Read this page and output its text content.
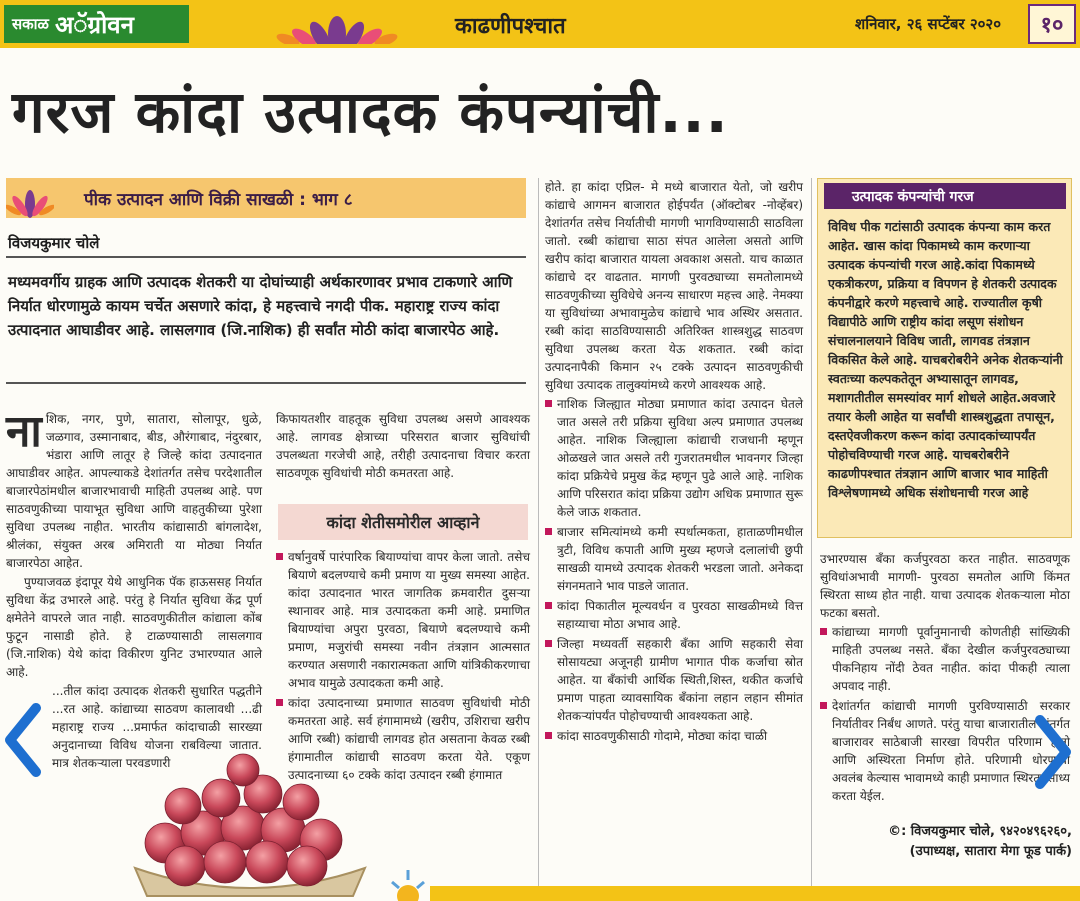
सकाळ अॅग्रोवन	काढणीपश्चात	शनिवार, २६ सप्टेंबर २०२०	१०
गरज कांदा उत्पादक कंपन्यांची...
पीक उत्पादन आणि विक्री साखळी : भाग ८
विजयकुमार चोले
मध्यमवर्गीय ग्राहक आणि उत्पादक शेतकरी या दोघांच्याही अर्थकारणावर प्रभाव टाकणारे आणि निर्यात धोरणामुळे कायम चर्चेत असणारे कांदा, हे महत्त्वाचे नगदी पीक. महाराष्ट्र राज्य कांदा उत्पादनात आघाडीवर आहे. लासलगाव (जि.नाशिक) ही सर्वांत मोठी कांदा बाजारपेठ आहे.

नाशिक, नगर, पुणे, सातारा, सोलापूर, धुळे, जळगाव, उस्मानाबाद, बीड, औरंगाबाद, नंदुरबार, भंडारा आणि लातूर हे जिल्हे कांदा उत्पादनात आघाडीवर आहेत. आपल्याकडे देशांतर्गत तसेच परदेशातील बाजारपेठांमधील बाजारभावाची माहिती उपलब्ध आहे. पण साठवणुकीच्या पायाभूत सुविधा आणि वाहतुकीच्या पुरेशा सुविधा उपलब्ध नाहीत. भारतीय कांद्यासाठी बांगलादेश, श्रीलंका, संयुक्त अरब अमिराती या मोठ्या निर्यात बाजारपेठा आहेत.

पुण्याजवळ इंदापूर येथे आधुनिक पॅक हाऊससह निर्यात सुविधा केंद्र उभारले आहे. परंतु हे निर्यात सुविधा केंद्र पूर्ण क्षमेतेने वापरले जात नाही. साठवणुकीतील कांद्याला कोंब फुटून नासाडी होते. हे टाळण्यासाठी लासलगाव (जि.नाशिक) येथे कांदा विकीरण युनिट उभारण्यात आले आहे.

...तील कांदा उत्पादक शेतकरी सुधारित पद्धतीने ...रत आहे. कांद्याच्या साठवण कालावधी ...ढी महाराष्ट्र राज्य ...प्रमार्फत कांदाचाळी सारख्या अनुदानाच्या विविध योजना राबविल्या जातात. मात्र शेतकऱ्याला परवडणारी

किफायतशीर वाहतूक सुविधा उपलब्ध असणे आवश्यक आहे. लागवड क्षेत्राच्या परिसरात बाजार सुविधांची उपलब्धता गरजेची आहे, तरीही उत्पादनाचा विचार करता साठवणूक सुविधांची मोठी कमतरता आहे.

कांदा शेतीसमोरील आव्हाने
वर्षानुवर्षे पारंपारिक बियाण्यांचा वापर केला जातो. तसेच बियाणे बदलण्याचे कमी प्रमाण या मुख्य समस्या आहेत. कांदा उत्पादनात भारत जागतिक क्रमवारीत दुसऱ्या स्थानावर आहे. मात्र उत्पादकता कमी आहे. प्रमाणित बियाण्यांचा अपुरा पुरवठा, बियाणे बदलण्याचे कमी प्रमाण, मजुरांची समस्या नवीन तंत्रज्ञान आत्मसात करण्यात असणारी नकारात्मकता आणि यांत्रिकीकरणाचा अभाव यामुळे उत्पादकता कमी आहे.
कांदा उत्पादनाच्या प्रमाणात साठवण सुविधांची मोठी कमतरता आहे. सर्व हंगामामध्ये (खरीप, उशिराचा खरीप आणि रब्बी) कांद्याची लागवड होत असताना केवळ रब्बी हंगामातील कांद्याची साठवण करता येते. एकूण उत्पादनाच्या ६० टक्के कांदा उत्पादन रब्बी हंगामात

होते. हा कांदा एप्रिल- मे मध्ये बाजारात येतो, जो खरीप कांद्याचे आगमन बाजारात होईपर्यंत (ऑक्टोबर -नोव्हेंबर) देशांतर्गत तसेच निर्यातीची मागणी भागविण्यासाठी साठविला जातो. रब्बी कांद्याचा साठा संपत आलेला असतो आणि खरीप कांदा बाजारात यायला अवकाश असतो. याच काळात कांद्याचे दर वाढतात. मागणी पुरवठ्याच्या समतोलामध्ये साठवणुकीच्या सुविधेचे अनन्य साधारण महत्त्व आहे. नेमक्या या सुविधांच्या अभावामुळेच कांद्याचे भाव अस्थिर असतात. रब्बी कांदा साठविण्यासाठी अतिरिक्त शास्त्रशुद्ध साठवण सुविधा उपलब्ध करता येऊ शकतात. रब्बी कांदा उत्पादनापैकी किमान २५ टक्के उत्पादन साठवणुकीची सुविधा उत्पादक तालुक्यांमध्ये करणे आवश्यक आहे.

नाशिक जिल्ह्यात मोठ्या प्रमाणात कांदा उत्पादन घेतले जात असले तरी प्रक्रिया सुविधा अल्प प्रमाणात उपलब्ध आहेत. नाशिक जिल्ह्याला कांद्याची राजधानी म्हणून ओळखले जात असले तरी गुजरातमधील भावनगर जिल्हा कांदा प्रक्रियेचे प्रमुख केंद्र म्हणून पुढे आले आहे. नाशिक आणि परिसरात कांदा प्रक्रिया उद्योग अधिक प्रमाणात सुरू केले जाऊ शकतात.
बाजार समित्यांमध्ये कमी स्पर्धात्मकता, हाताळणीमधील त्रुटी, विविध कपाती आणि मुख्य म्हणजे दलालांची छुपी साखळी यामध्ये उत्पादक शेतकरी भरडला जातो. अनेकदा संगनमताने भाव पाडले जातात.
कांदा पिकातील मूल्यवर्धन व पुरवठा साखळीमध्ये वित्त सहाय्याचा मोठा अभाव आहे.
जिल्हा मध्यवर्ती सहकारी बँका आणि सहकारी सेवा सोसायट्या अजूनही ग्रामीण भागात पीक कर्जाचा स्रोत आहेत. या बँकांची आर्थिक स्थिती,शिस्त, थकीत कर्जाचे प्रमाण पाहता व्यावसायिक बँकांना लहान लहान सीमांत शेतकऱ्यांपर्यंत पोहोचण्याची आवश्यकता आहे.
कांदा साठवणुकीसाठी गोदामे, मोठ्या कांदा चाळी
उत्पादक कंपन्यांची गरज
विविध पीक गटांसाठी उत्पादक कंपन्या काम करत आहेत. खास कांदा पिकामध्ये काम करणाऱ्या उत्पादक कंपन्यांची गरज आहे.कांदा पिकामध्ये एकत्रीकरण, प्रक्रिया व विपणन हे शेतकरी उत्पादक कंपनीद्वारे करणे महत्त्वाचे आहे. राज्यातील कृषी विद्यापीठे आणि राष्ट्रीय कांदा लसूण संशोधन संचालनालयाने विविध जाती, लागवड तंत्रज्ञान विकसित केले आहे. याचबरोबरीने अनेक शेतकऱ्यांनी स्वतःच्या कल्पकतेतून अभ्यासातून लागवड, मशागतीतील समस्यांवर मार्ग शोधले आहेत.अवजारे तयार केली आहेत या सर्वांची शास्त्रशुद्धता तपासून, दस्तऐवजीकरण करून कांदा उत्पादकांच्यापर्यंत पोहोचविण्याची गरज आहे. याचबरोबरीने काढणीपश्चात तंत्रज्ञान आणि बाजार भाव माहिती विश्लेषणामध्ये अधिक संशोधनाची गरज आहे

उभारण्यास बँका कर्जपुरवठा करत नाहीत. साठवणूक सुविधांअभावी मागणी- पुरवठा समतोल आणि किंमत स्थिरता साध्य होत नाही. याचा उत्पादक शेतकऱ्याला मोठा फटका बसतो.

कांद्याच्या मागणी पूर्वानुमानाची कोणतीही सांख्यिकी माहिती उपलब्ध नसते. बँका देखील कर्जपुरवठ्याच्या पीकनिहाय नोंदी ठेवत नाहीत. कांदा पीकही त्याला अपवाद नाही.
देशांतर्गत कांद्याची मागणी पुरविण्यासाठी सरकार निर्यातीवर निर्बंध आणते. परंतु याचा बाजारातील अंतर्गत बाजारावर साठेबाजी सारखा विपरीत परिणाम होतो आणि अस्थिरता निर्माण होते. परिणामी धोरणाचा अवलंब केल्यास भावामध्ये काही प्रमाणात स्थिरता साध्य करता येईल.
©: विजयकुमार चोले, ९४२०४९६२६०,
(उपाध्यक्ष, सातारा मेगा फूड पार्क)
